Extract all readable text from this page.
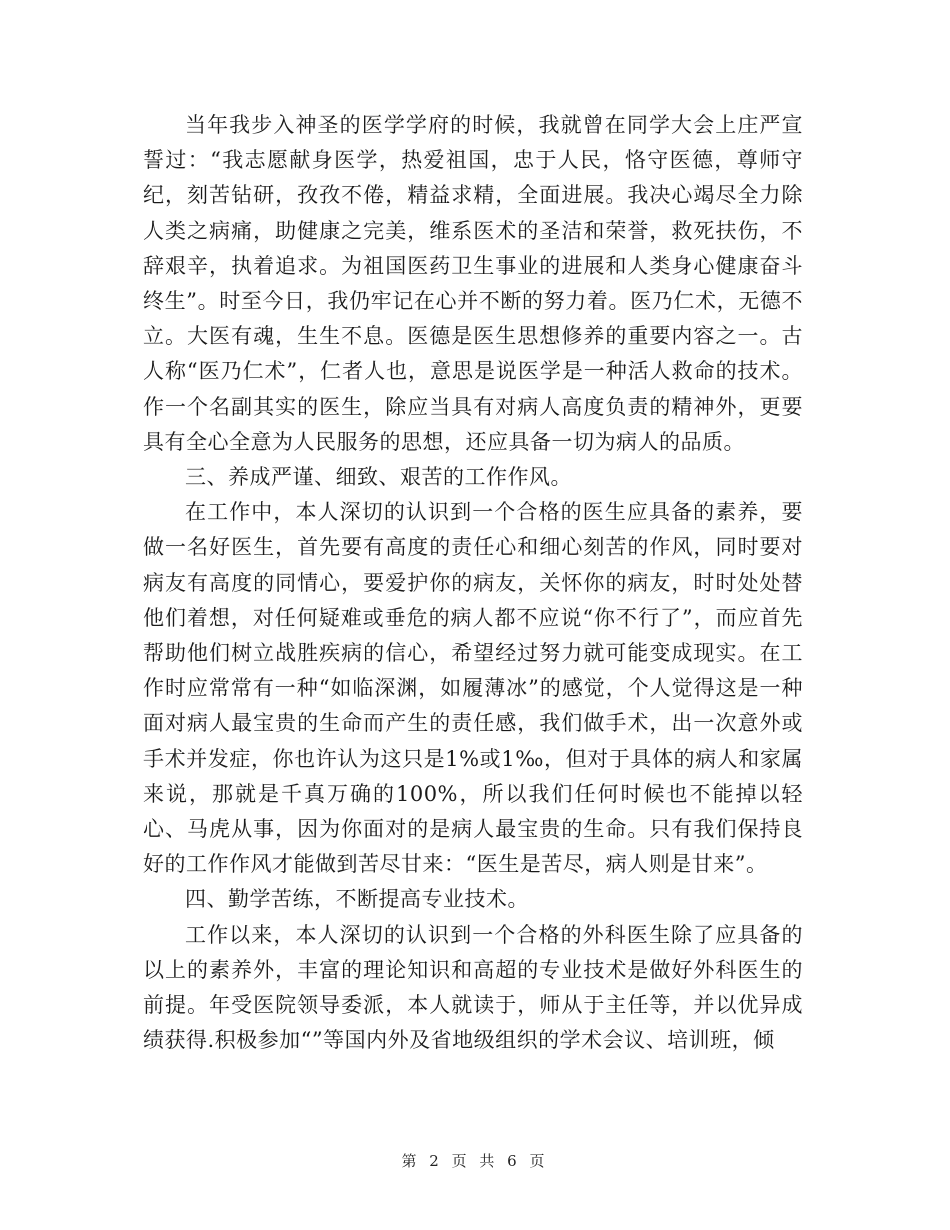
当年我步入神圣的医学学府的时候，我就曾在同学大会上庄严宣誓过：“我志愿献身医学，热爱祖国，忠于人民，恪守医德，尊师守纪，刻苦钻研，孜孜不倦，精益求精，全面进展。我决心竭尽全力除人类之病痛，助健康之完美，维系医术的圣洁和荣誉，救死扶伤，不辞艰辛，执着追求。为祖国医药卫生事业的进展和人类身心健康奋斗终生”。时至今日，我仍牢记在心并不断的努力着。医乃仁术，无德不立。大医有魂，生生不息。医德是医生思想修养的重要内容之一。古人称“医乃仁术”，仁者人也，意思是说医学是一种活人救命的技术。作一个名副其实的医生，除应当具有对病人高度负责的精神外，更要具有全心全意为人民服务的思想，还应具备一切为病人的品质。

三、养成严谨、细致、艰苦的工作作风。

在工作中，本人深切的认识到一个合格的医生应具备的素养，要做一名好医生，首先要有高度的责任心和细心刻苦的作风，同时要对病友有高度的同情心，要爱护你的病友，关怀你的病友，时时处处替他们着想，对任何疑难或垂危的病人都不应说“你不行了”，而应首先帮助他们树立战胜疾病的信心，希望经过努力就可能变成现实。在工作时应常常有一种“如临深渊，如履薄冰”的感觉，个人觉得这是一种面对病人最宝贵的生命而产生的责任感，我们做手术，出一次意外或手术并发症，你也许认为这只是1%或1‰，但对于具体的病人和家属来说，那就是千真万确的100%，所以我们任何时候也不能掉以轻心、马虎从事，因为你面对的是病人最宝贵的生命。只有我们保持良好的工作作风才能做到苦尽甘来：“医生是苦尽，病人则是甘来”。

四、勤学苦练，不断提高专业技术。

工作以来，本人深切的认识到一个合格的外科医生除了应具备的以上的素养外，丰富的理论知识和高超的专业技术是做好外科医生的前提。年受医院领导委派，本人就读于，师从于主任等，并以优异成绩获得.积极参加“”等国内外及省地级组织的学术会议、培训班，倾

第 2 页 共 6 页
